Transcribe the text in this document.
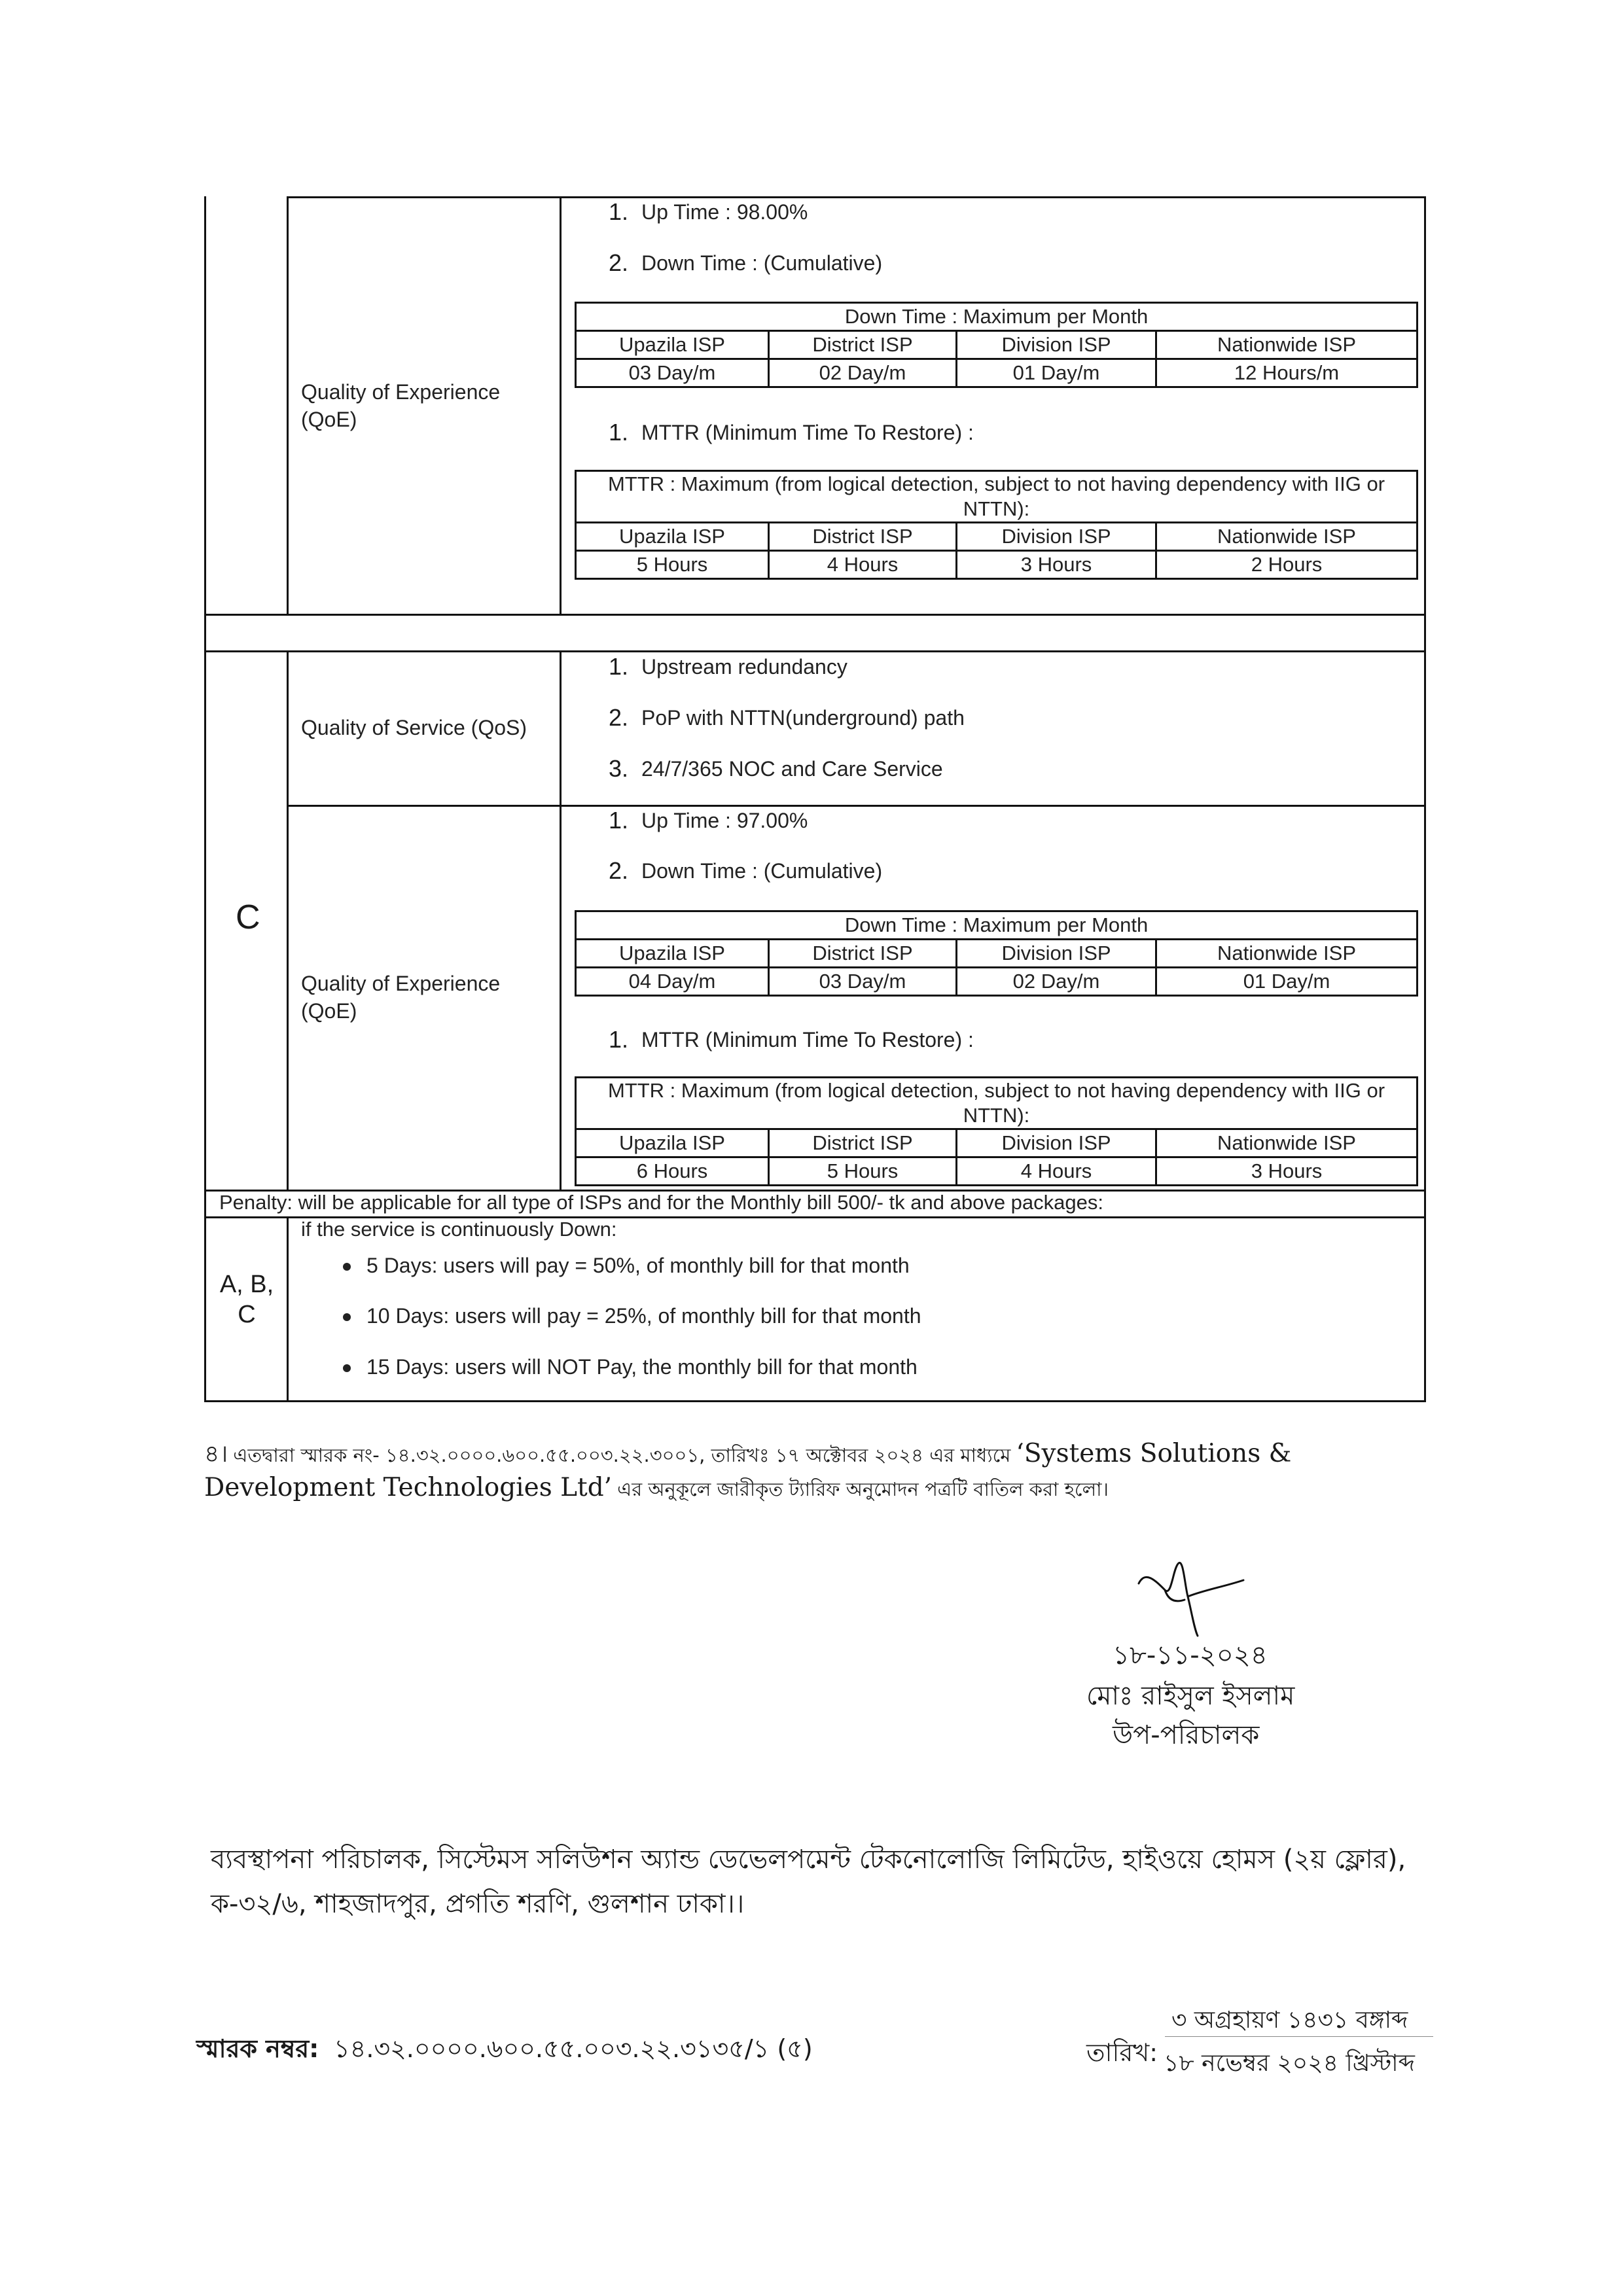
Quality of Experience (QoE)
1. Up Time : 98.00%
2. Down Time : (Cumulative)
Down Time : Maximum per Month			
Upazila ISP	District ISP	Division ISP	Nationwide ISP
03 Day/m	02 Day/m	01 Day/m	12 Hours/m
1. MTTR (Minimum Time To Restore) :
MTTR : Maximum (from logical detection, subject to not having dependency with IIG or
NTTN):			

Upazila ISP	District ISP	Division ISP	Nationwide ISP
5 Hours	4 Hours	3 Hours	2 Hours
C
Quality of Service (QoS)
1. Upstream redundancy
2. PoP with NTTN(underground) path
3. 24/7/365 NOC and Care Service
Quality of Experience (QoE)
1. Up Time : 97.00%
2. Down Time : (Cumulative)
Down Time : Maximum per Month			
Upazila ISP	District ISP	Division ISP	Nationwide ISP
04 Day/m	03 Day/m	02 Day/m	01 Day/m
1. MTTR (Minimum Time To Restore) :
MTTR : Maximum (from logical detection, subject to not having dependency with IIG or
NTTN):			

Upazila ISP	District ISP	Division ISP	Nationwide ISP
6 Hours	5 Hours	4 Hours	3 Hours
Penalty: will be applicable for all type of ISPs and for the Monthly bill 500/- tk and above packages:
A, B, C
if the service is continuously Down:
5 Days: users will pay = 50%, of monthly bill for that month
10 Days: users will pay = 25%, of monthly bill for that month
15 Days: users will NOT Pay, the monthly bill for that month
৪। এতদ্বারা স্মারক নং- ১৪.৩২.০০০০.৬০০.৫৫.০০৩.২২.৩০০১, তারিখঃ ১৭ অক্টোবর ২০২৪ এর মাধ্যমে ‘Systems Solutions &
Development Technologies Ltd’ এর অনুকূলে জারীকৃত ট্যারিফ অনুমোদন পত্রটি বাতিল করা হলো।
১৮-১১-২০২৪
মোঃ রাইসুল ইসলাম
উপ-পরিচালক
ব্যবস্থাপনা পরিচালক, সিস্টেমস সলিউশন অ্যান্ড ডেভেলপমেন্ট টেকনোলোজি লিমিটেড, হাইওয়ে হোমস (২য় ফ্লোর),
ক-৩২/৬, শাহজাদপুর, প্রগতি শরণি, গুলশান ঢাকা।।
স্মারক নম্বর: ১৪.৩২.০০০০.৬০০.৫৫.০০৩.২২.৩১৩৫/১ (৫)	তারিখ:
৩ অগ্রহায়ণ ১৪৩১ বঙ্গাব্দ
১৮ নভেম্বর ২০২৪ খ্রিস্টাব্দ
